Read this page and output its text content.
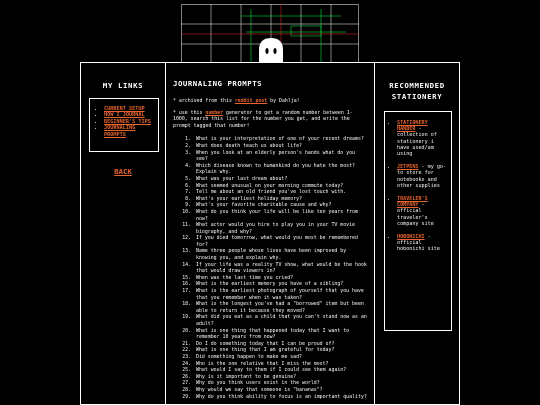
MY LINKS
• CURRENT SETUP
• HOW I JOURNAL
• BEGINNER'S TIPS
• JOURNALING PROMPTS
BACK
JOURNALING PROMPTS

* archived from this reddit post by Dahlja!

* use this number generator to get a random number between 1-1000, search this list for the number you get, and write the prompt tagged that number!

1. What is your interpretation of one of your recent dreams?
2. What does death teach us about life?
3. When you look at an elderly person's hands what do you see?
4. Which disease known to humankind do you hate the most? Explain why.
5. What was your last dream about?
6. What seemed unusual on your morning commute today?
7. Tell me about an old friend you've lost touch with.
8. What's your earliest holiday memory?
9. What's your favorite charitable cause and why?
10. What do you think your life will be like ten years from now?
11. What actor would you hire to play you in your TV movie biography, and why?
12. If you died tomorrow, what would you most be remembered for?
13. Name three people whose lives have been improved by knowing you, and explain why.
14. If your life was a reality TV show, what would be the hook that would draw viewers in?
15. When was the last time you cried?
16. What is the earliest memory you have of a sibling?
17. What is the earliest photograph of yourself that you have that you remember when it was taken?
18. What is the longest you've had a "borrowed" item but been able to return it because they moved?
19. What did you eat as a child that you can't stand now as an adult?
20. What is one thing that happened today that I want to remember 10 years from now?
21. Do I do something today that I can be proud of?
22. What is one thing that I am grateful for today?
23. Did something happen to make me sad?
24. Who is the one relative that I miss the most?
25. What would I say to them if I could see them again?
26. Why is it important to be genuine?
27. Why do you think users exist in the world?
28. Why would we say that someone is "bananas"?
29. Why do you think ability to focus is an important quality?
RECOMMENDED STATIONERY
• STATIONERY HANDER - collection of stationery i have used/am using
• JETPENS - my go-to store for notebooks and other supplies
• TRAVELER'S COMPANY - official traveler's company site
• HOBONICHI - official hobonichi site
